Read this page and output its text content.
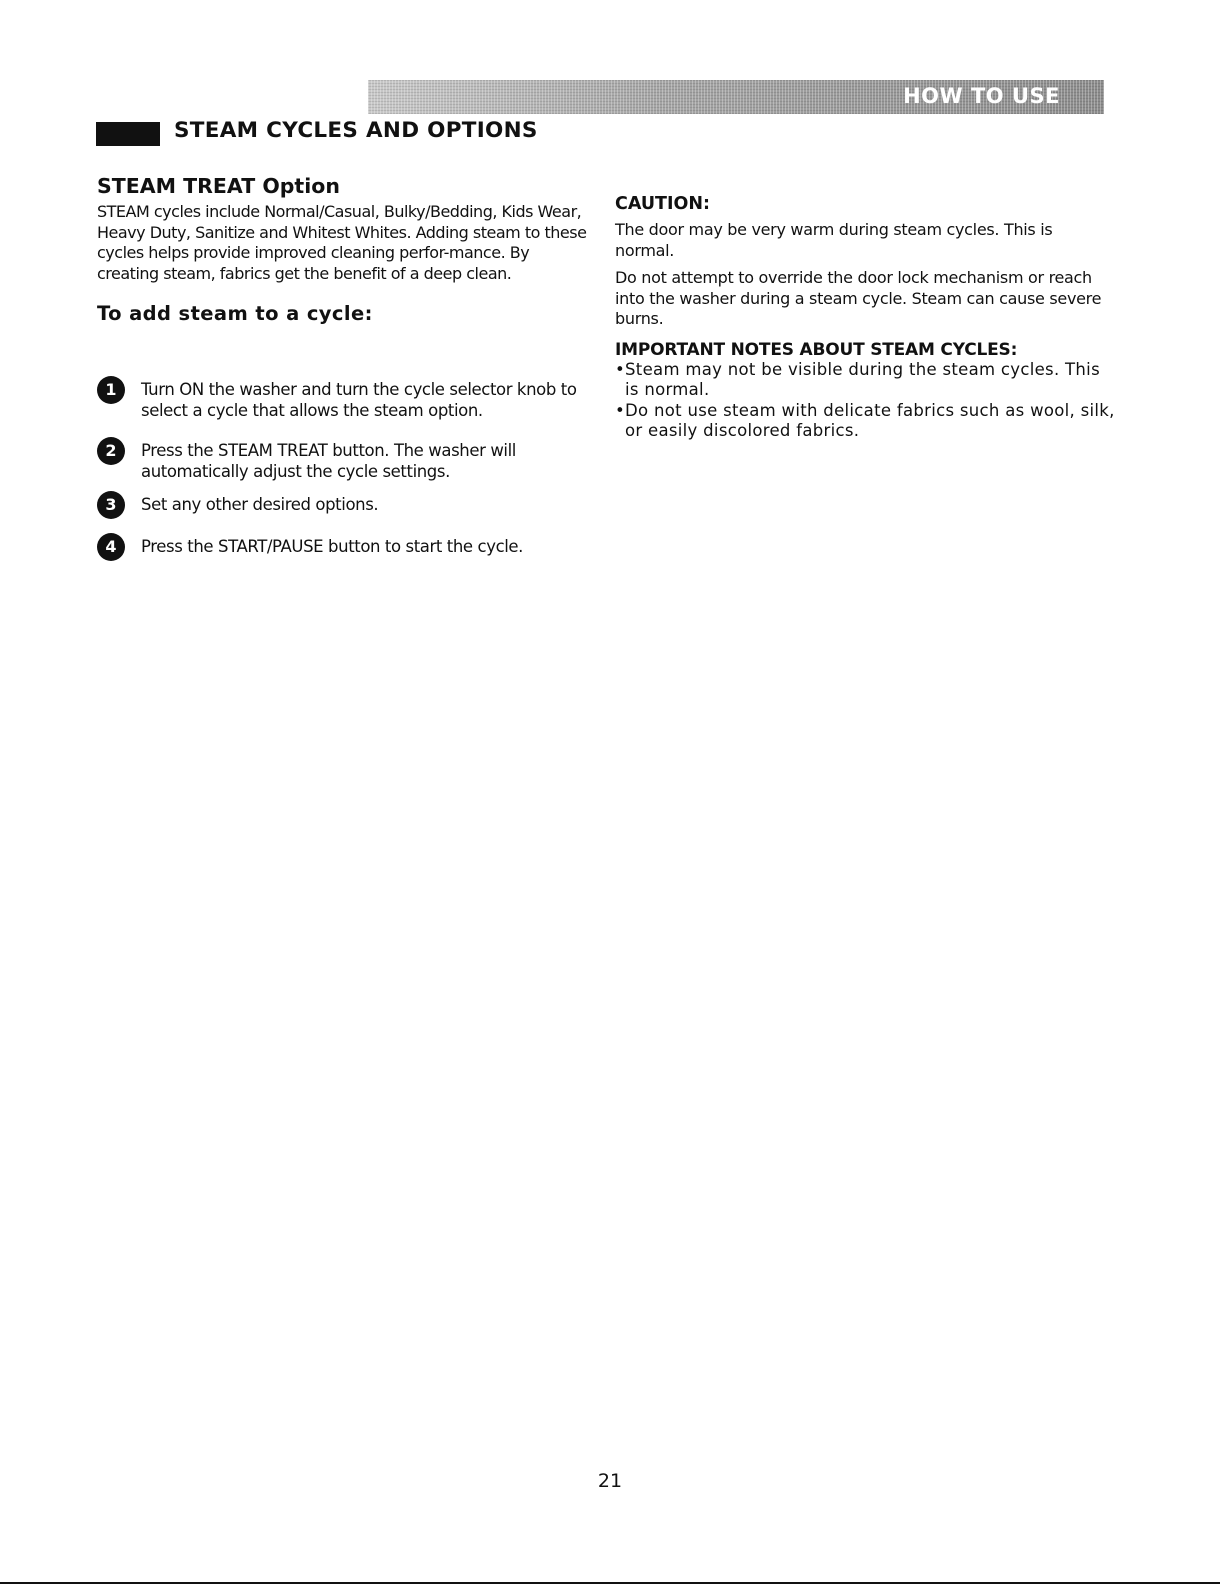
HOW TO USE
STEAM CYCLES AND OPTIONS
STEAM TREAT Option

STEAM cycles include Normal/Casual, Bulky/Bedding, Kids Wear, Heavy Duty, Sanitize and Whitest Whites. Adding steam to these cycles helps provide improved cleaning perfor-mance. By creating steam, fabrics get the benefit of a deep clean.

To add steam to a cycle:
1	Turn ON the washer and turn the cycle selector knob to select a cycle that allows the steam option.
2	Press the STEAM TREAT button. The washer will automatically adjust the cycle settings.
3	Set any other desired options.
4	Press the START/PAUSE button to start the cycle.
CAUTION:

The door may be very warm during steam cycles. This is normal.

Do not attempt to override the door lock mechanism or reach into the washer during a steam cycle. Steam can cause severe burns.

IMPORTANT NOTES ABOUT STEAM CYCLES:
•Steam may not be visible during the steam cycles. This is normal.
•Do not use steam with delicate fabrics such as wool, silk, or easily discolored fabrics.
21
